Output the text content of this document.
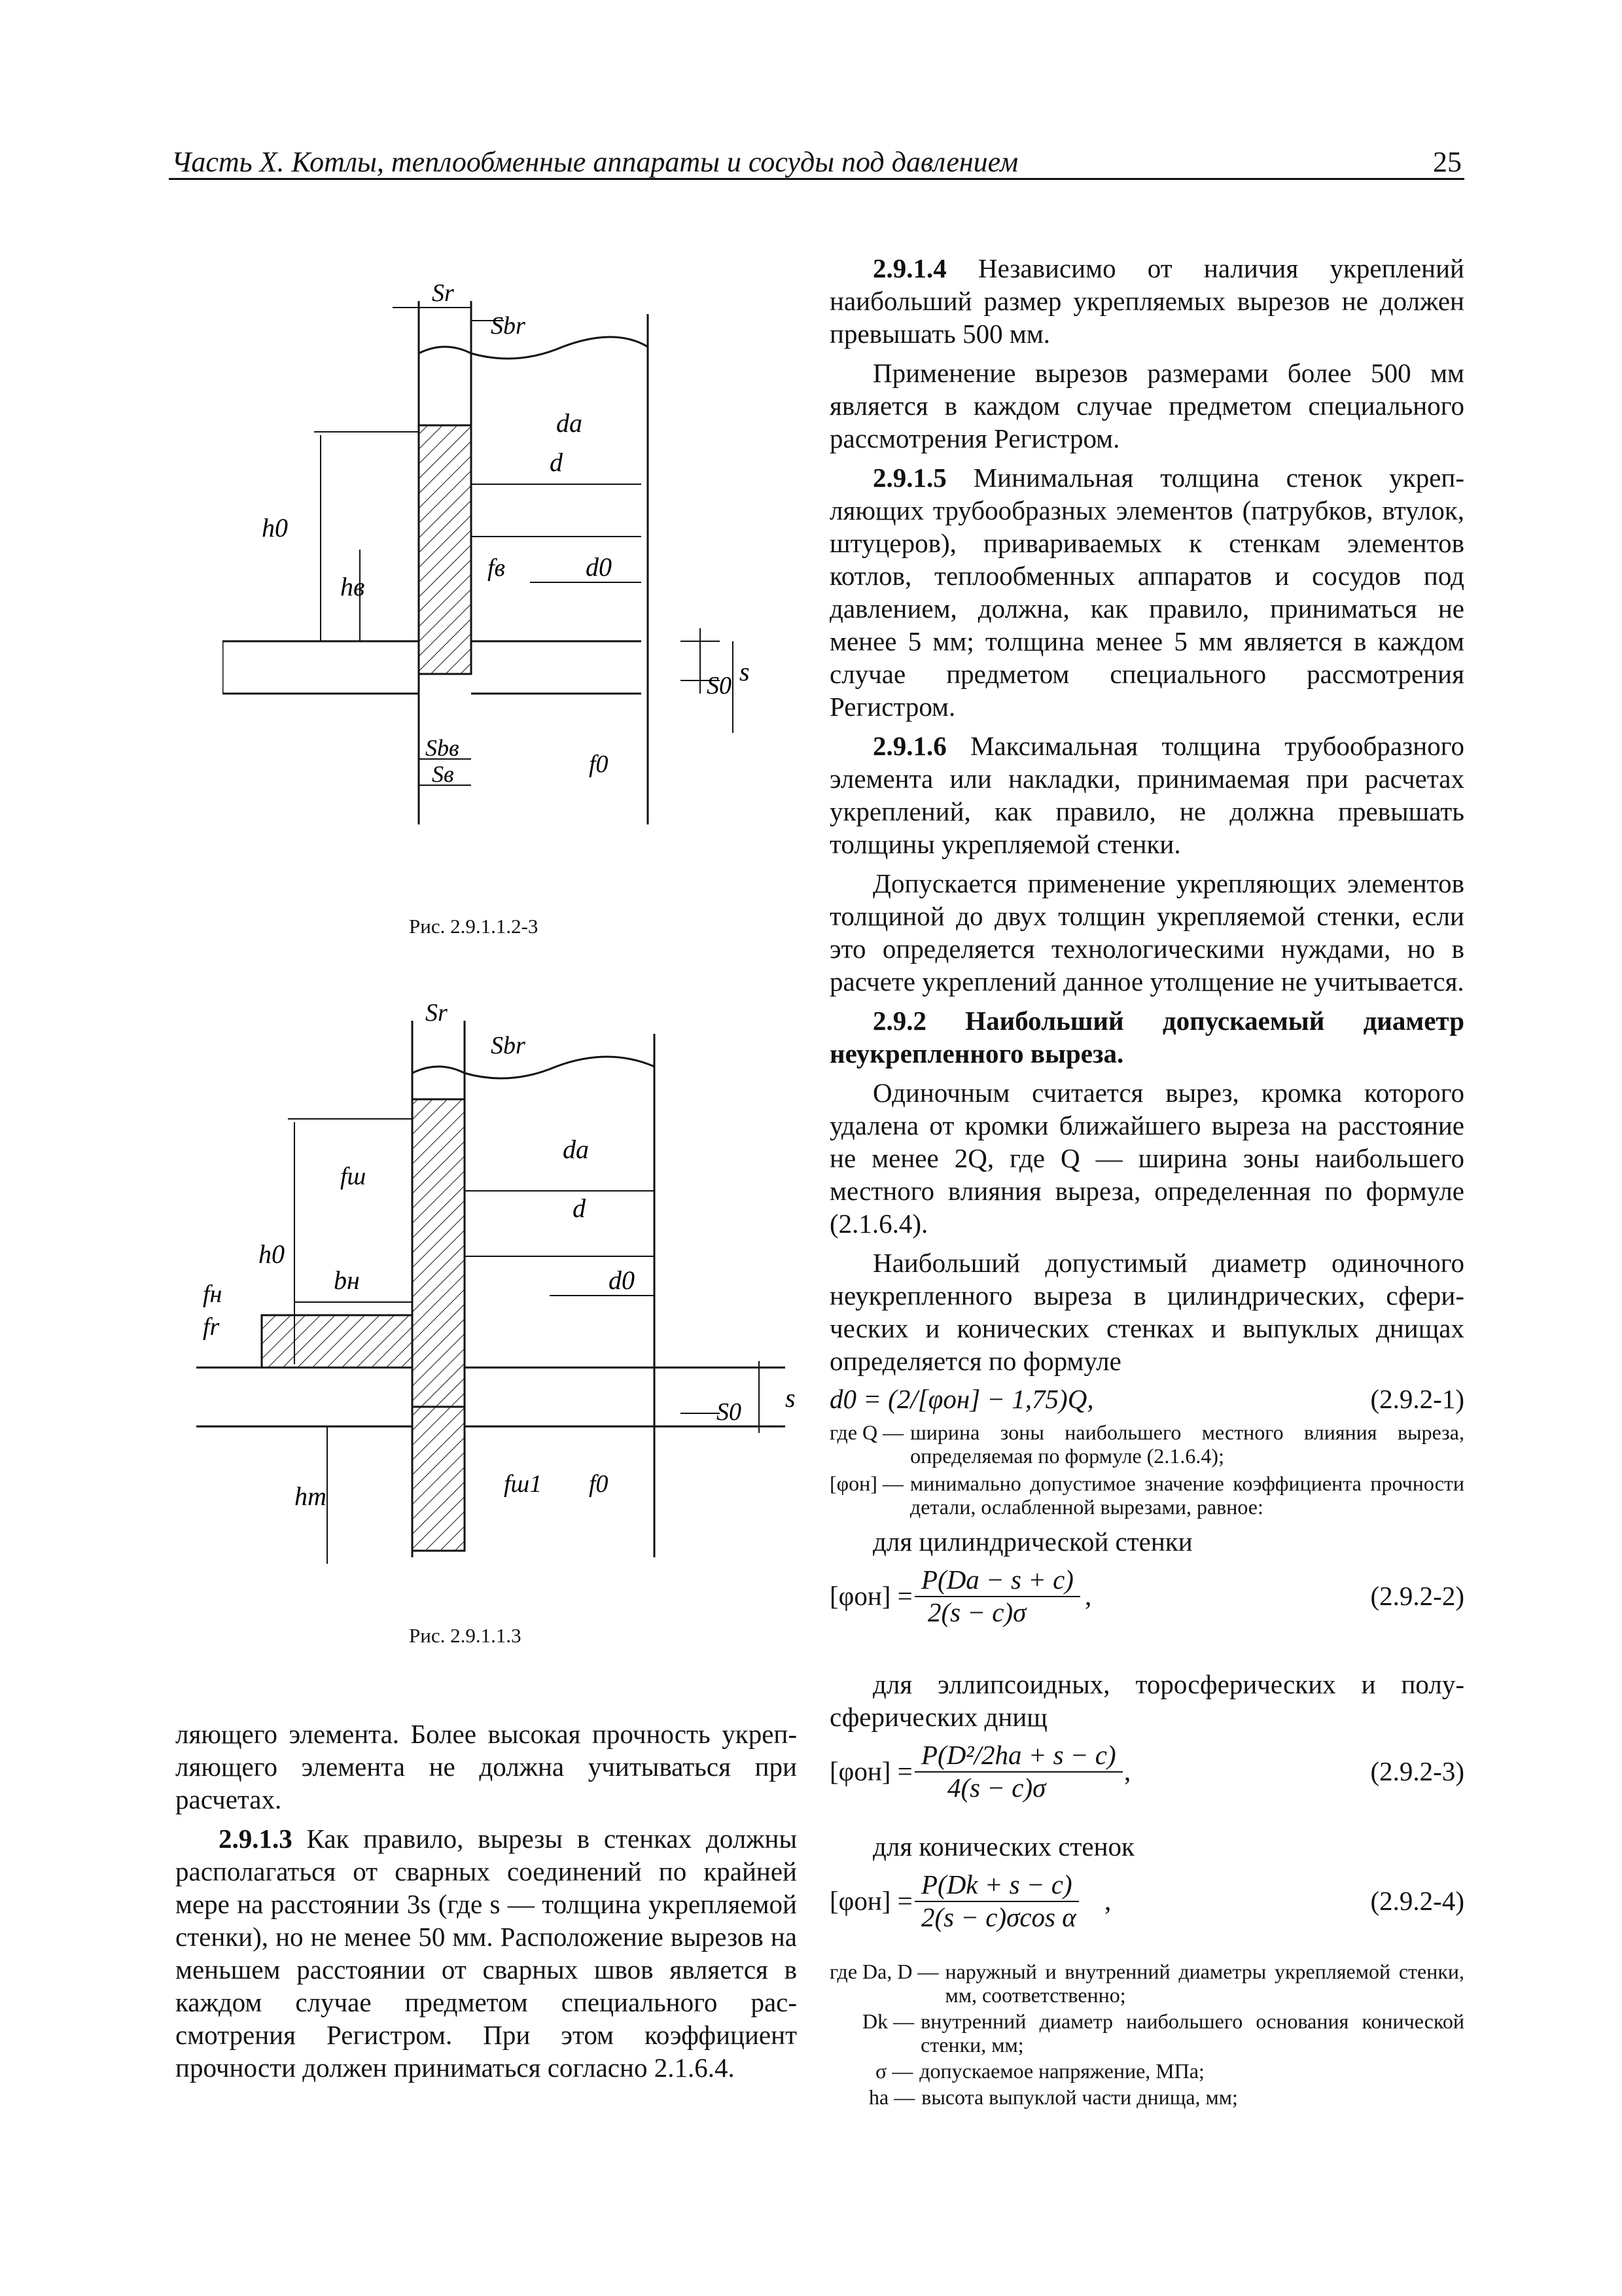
Часть X. Котлы, теплообменные аппараты и сосуды под давлением	25
Sr
Sbr
da
d
h0
hв
fв	d0
S0 s
Sbв
Sв	f0
Рис. 2.9.1.1.2-3
Sr
Sbr
da
d
fш
h0
fн
fr
bн	d0
S0 s
hm	fш1 f0
Рис. 2.9.1.1.3

ляющего элемента. Более высокая прочность укрепляющего элемента не должна учитываться при расчетах.

2.9.1.3 Как правило, вырезы в стенках должны располагаться от сварных соединений по крайней мере на расстоянии 3s (где s — толщина укрепляемой стенки), но не менее 50 мм. Расположение вырезов на меньшем расстоянии от сварных швов является в каждом случае предметом специального рассмотрения Регистром. При этом коэффициент прочности должен приниматься согласно 2.1.6.4.

2.9.1.4 Независимо от наличия укреплений наибольший размер укрепляемых вырезов не должен превышать 500 мм.

Применение вырезов размерами более 500 мм является в каждом случае предметом специального рассмотрения Регистром.

2.9.1.5 Минимальная толщина стенок укрепляющих трубообразных элементов (патрубков, втулок, штуцеров), привариваемых к стенкам элементов котлов, теплообменных аппаратов и сосудов под давлением, должна, как правило, приниматься не менее 5 мм; толщина менее 5 мм является в каждом случае предметом специального рассмотрения Регистром.

2.9.1.6 Максимальная толщина трубообразного элемента или накладки, принимаемая при расчетах укреплений, как правило, не должна превышать толщины укрепляемой стенки.

Допускается применение укрепляющих элементов толщиной до двух толщин укрепляемой стенки, если это определяется технологическими нуждами, но в расчете укреплений данное утолщение не учитывается.

2.9.2 Наибольший допускаемый диаметр неукрепленного выреза.

Одиночным считается вырез, кромка которого удалена от кромки ближайшего выреза на расстояние не менее 2Q, где Q — ширина зоны наибольшего местного влияния выреза, определенная по формуле (2.1.6.4).

Наибольший допустимый диаметр одиночного неукрепленного выреза в цилиндрических, сферических и конических стенках и выпуклых днищах определяется по формуле

d0 = (2/[φон] − 1,75)Q,	(2.9.2-1)
где Q — ширина зоны наибольшего местного влияния выреза, определяемая по формуле (2.1.6.4);
[φон] — минимально допустимое значение коэффициента прочности детали, ослабленной вырезами, равное:

для цилиндрической стенки

[φон] =
P(Da − s + c)
2(s − c)σ
,	(2.9.2-2)

для эллипсоидных, торосферических и полусферических днищ

[φон] =
P(D²/2ha + s − c)
4(s − c)σ
,	(2.9.2-3)

для конических стенок

[φон] =
P(Dk + s − c)
2(s − c)σcos α
,	(2.9.2-4)
где Da, D — наружный и внутренний диаметры укрепляемой стенки, мм, соответственно;
Dk — внутренний диаметр наибольшего основания конической стенки, мм;
σ — допускаемое напряжение, МПа;
ha — высота выпуклой части днища, мм;
